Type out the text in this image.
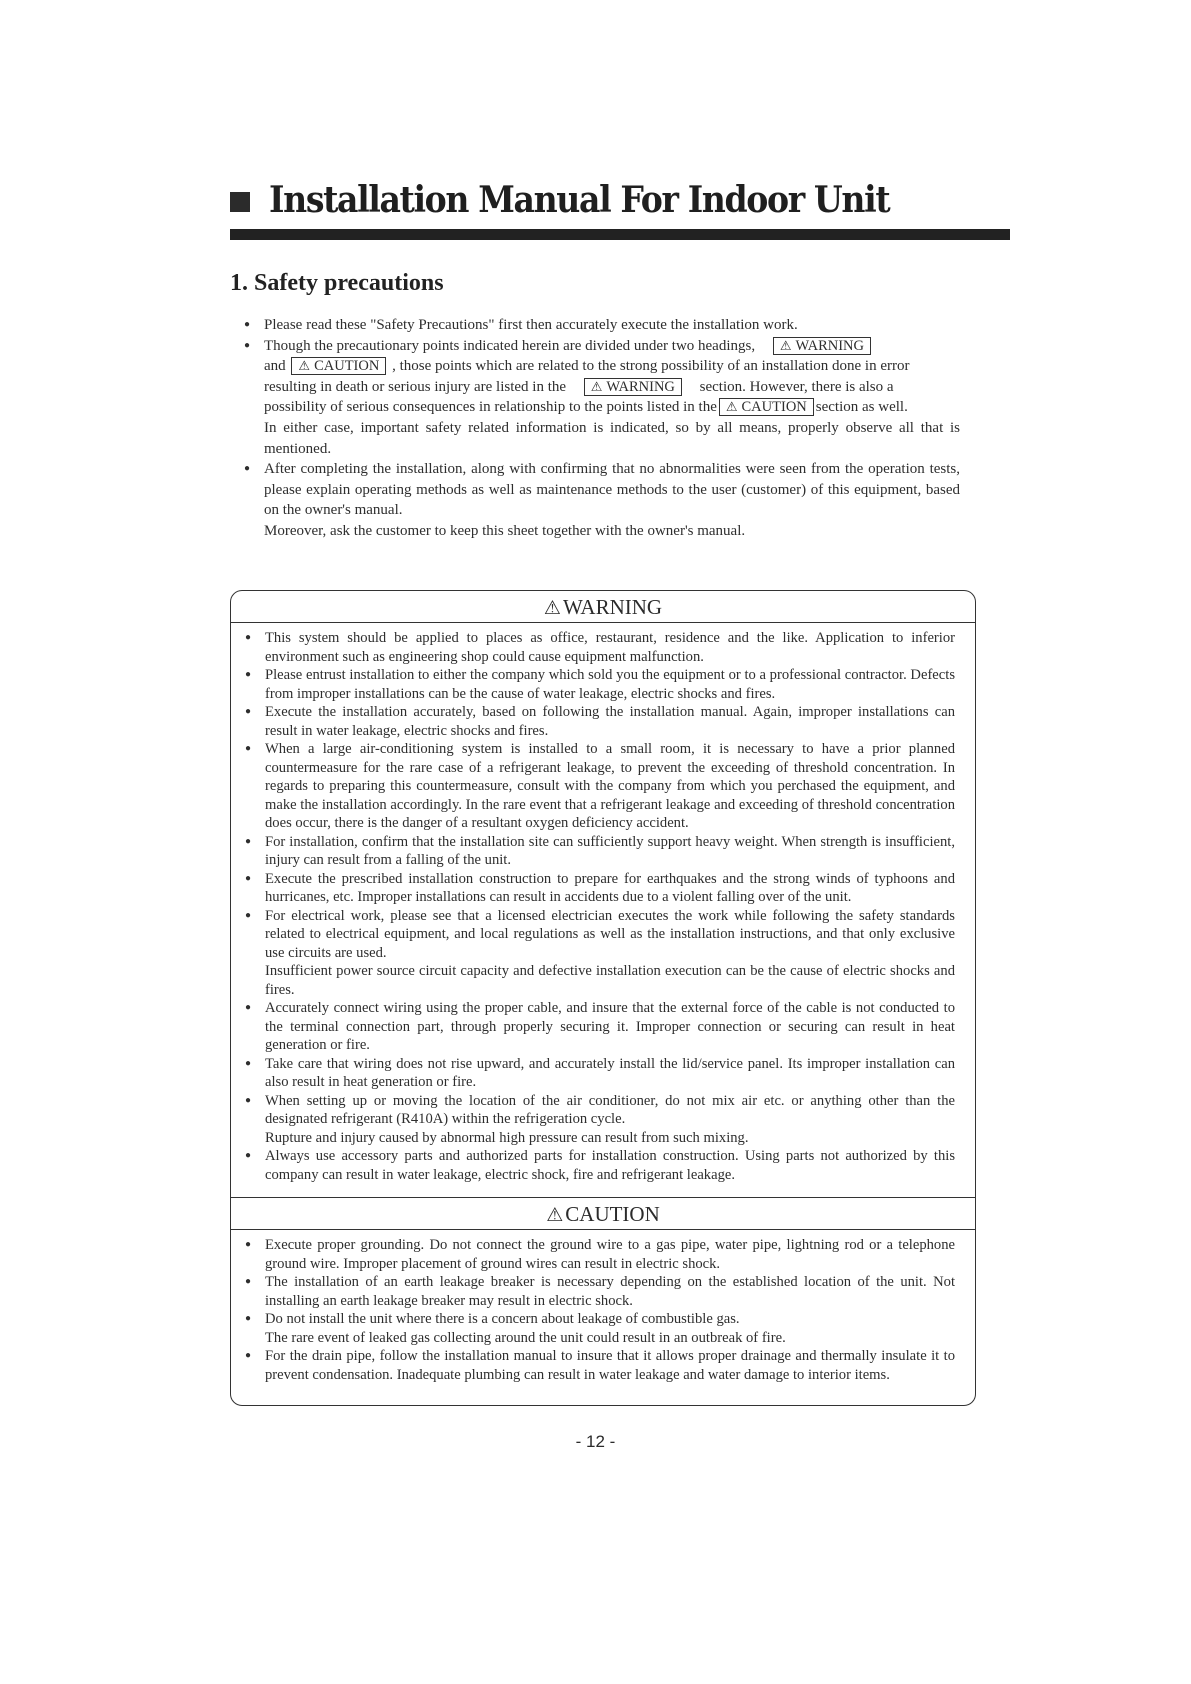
Installation Manual For Indoor Unit
1. Safety precautions
● Please read these "Safety Precautions" first then accurately execute the installation work.
● Though the precautionary points indicated herein are divided under two headings, ⚠ WARNING
and ⚠ CAUTION , those points which are related to the strong possibility of an installation done in error
resulting in death or serious injury are listed in the ⚠ WARNING section. However, there is also a
possibility of serious consequences in relationship to the points listed in the ⚠ CAUTION section as well.
In either case, important safety related information is indicated, so by all means, properly observe all that is mentioned.
● After completing the installation, along with confirming that no abnormalities were seen from the operation tests, please explain operating methods as well as maintenance methods to the user (customer) of this equipment, based on the owner's manual.
Moreover, ask the customer to keep this sheet together with the owner's manual.
⚠WARNING
● This system should be applied to places as office, restaurant, residence and the like. Application to inferior environment such as engineering shop could cause equipment malfunction.
● Please entrust installation to either the company which sold you the equipment or to a professional contractor. Defects from improper installations can be the cause of water leakage, electric shocks and fires.
● Execute the installation accurately, based on following the installation manual. Again, improper installations can result in water leakage, electric shocks and fires.
● When a large air-conditioning system is installed to a small room, it is necessary to have a prior planned countermeasure for the rare case of a refrigerant leakage, to prevent the exceeding of threshold concentration. In regards to preparing this countermeasure, consult with the company from which you perchased the equipment, and make the installation accordingly. In the rare event that a refrigerant leakage and exceeding of threshold concentration does occur, there is the danger of a resultant oxygen deficiency accident.
● For installation, confirm that the installation site can sufficiently support heavy weight. When strength is insufficient, injury can result from a falling of the unit.
● Execute the prescribed installation construction to prepare for earthquakes and the strong winds of typhoons and hurricanes, etc. Improper installations can result in accidents due to a violent falling over of the unit.
● For electrical work, please see that a licensed electrician executes the work while following the safety standards related to electrical equipment, and local regulations as well as the installation instructions, and that only exclusive use circuits are used.
Insufficient power source circuit capacity and defective installation execution can be the cause of electric shocks and fires.
● Accurately connect wiring using the proper cable, and insure that the external force of the cable is not conducted to the terminal connection part, through properly securing it. Improper connection or securing can result in heat generation or fire.
● Take care that wiring does not rise upward, and accurately install the lid/service panel. Its improper installation can also result in heat generation or fire.
● When setting up or moving the location of the air conditioner, do not mix air etc. or anything other than the designated refrigerant (R410A) within the refrigeration cycle.
Rupture and injury caused by abnormal high pressure can result from such mixing.
● Always use accessory parts and authorized parts for installation construction. Using parts not authorized by this company can result in water leakage, electric shock, fire and refrigerant leakage.
⚠CAUTION
● Execute proper grounding. Do not connect the ground wire to a gas pipe, water pipe, lightning rod or a telephone ground wire. Improper placement of ground wires can result in electric shock.
● The installation of an earth leakage breaker is necessary depending on the established location of the unit. Not installing an earth leakage breaker may result in electric shock.
● Do not install the unit where there is a concern about leakage of combustible gas.
The rare event of leaked gas collecting around the unit could result in an outbreak of fire.
● For the drain pipe, follow the installation manual to insure that it allows proper drainage and thermally insulate it to prevent condensation. Inadequate plumbing can result in water leakage and water damage to interior items.
- 12 -
